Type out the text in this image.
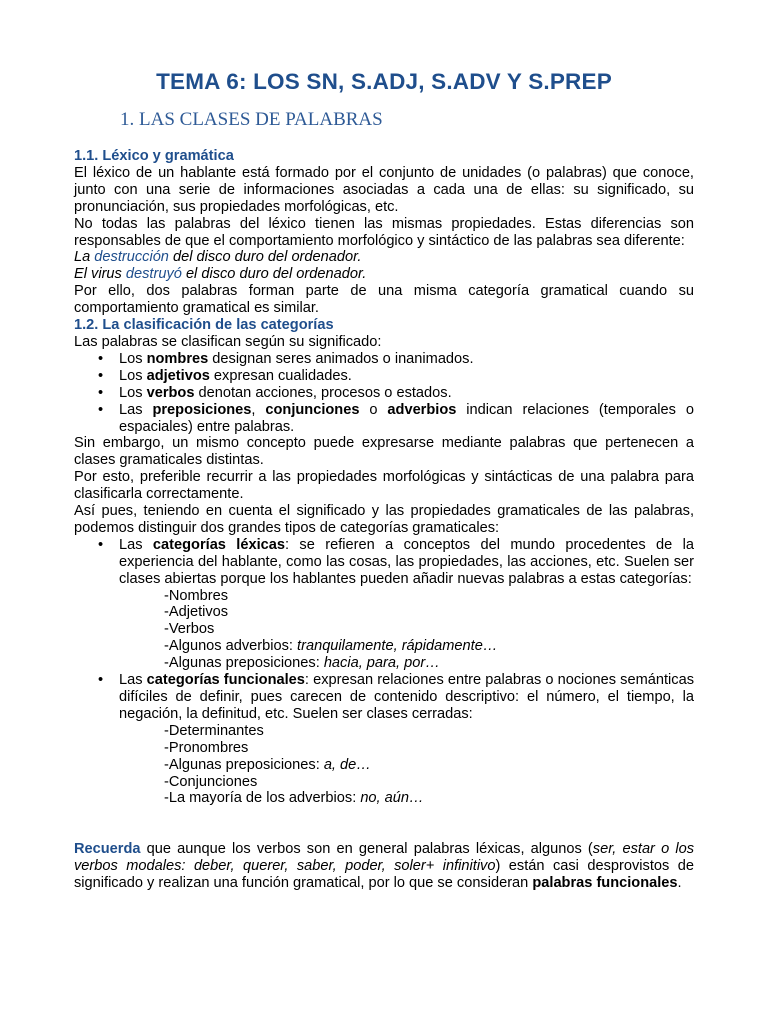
TEMA 6: LOS SN, S.ADJ, S.ADV Y S.PREP
1. LAS CLASES DE PALABRAS

1.1. Léxico y gramática

El léxico de un hablante está formado por el conjunto de unidades (o palabras) que conoce, junto con una serie de informaciones asociadas a cada una de ellas: su significado, su pronunciación, sus propiedades morfológicas, etc.

No todas las palabras del léxico tienen las mismas propiedades. Estas diferencias son responsables de que el comportamiento morfológico y sintáctico de las palabras sea diferente:

La destrucción del disco duro del ordenador.

El virus destruyó el disco duro del ordenador.

Por ello, dos palabras forman parte de una misma categoría gramatical cuando su comportamiento gramatical es similar.

1.2. La clasificación de las categorías

Las palabras se clasifican según su significado:

• Los nombres designan seres animados o inanimados.
• Los adjetivos expresan cualidades.
• Los verbos denotan acciones, procesos o estados.
• Las preposiciones, conjunciones o adverbios indican relaciones (temporales o espaciales) entre palabras.

Sin embargo, un mismo concepto puede expresarse mediante palabras que pertenecen a clases gramaticales distintas.

Por esto, preferible recurrir a las propiedades morfológicas y sintácticas de una palabra para clasificarla correctamente.

Así pues, teniendo en cuenta el significado y las propiedades gramaticales de las palabras, podemos distinguir dos grandes tipos de categorías gramaticales:

• Las categorías léxicas: se refieren a conceptos del mundo procedentes de la experiencia del hablante, como las cosas, las propiedades, las acciones, etc. Suelen ser clases abiertas porque los hablantes pueden añadir nuevas palabras a estas categorías:
-Nombres
-Adjetivos
-Verbos
-Algunos adverbios: tranquilamente, rápidamente…
-Algunas preposiciones: hacia, para, por…
• Las categorías funcionales: expresan relaciones entre palabras o nociones semánticas difíciles de definir, pues carecen de contenido descriptivo: el número, el tiempo, la negación, la definitud, etc. Suelen ser clases cerradas:
-Determinantes
-Pronombres
-Algunas preposiciones: a, de…
-Conjunciones
-La mayoría de los adverbios: no, aún…

Recuerda que aunque los verbos son en general palabras léxicas, algunos (ser, estar o los verbos modales: deber, querer, saber, poder, soler+ infinitivo) están casi desprovistos de significado y realizan una función gramatical, por lo que se consideran palabras funcionales.
